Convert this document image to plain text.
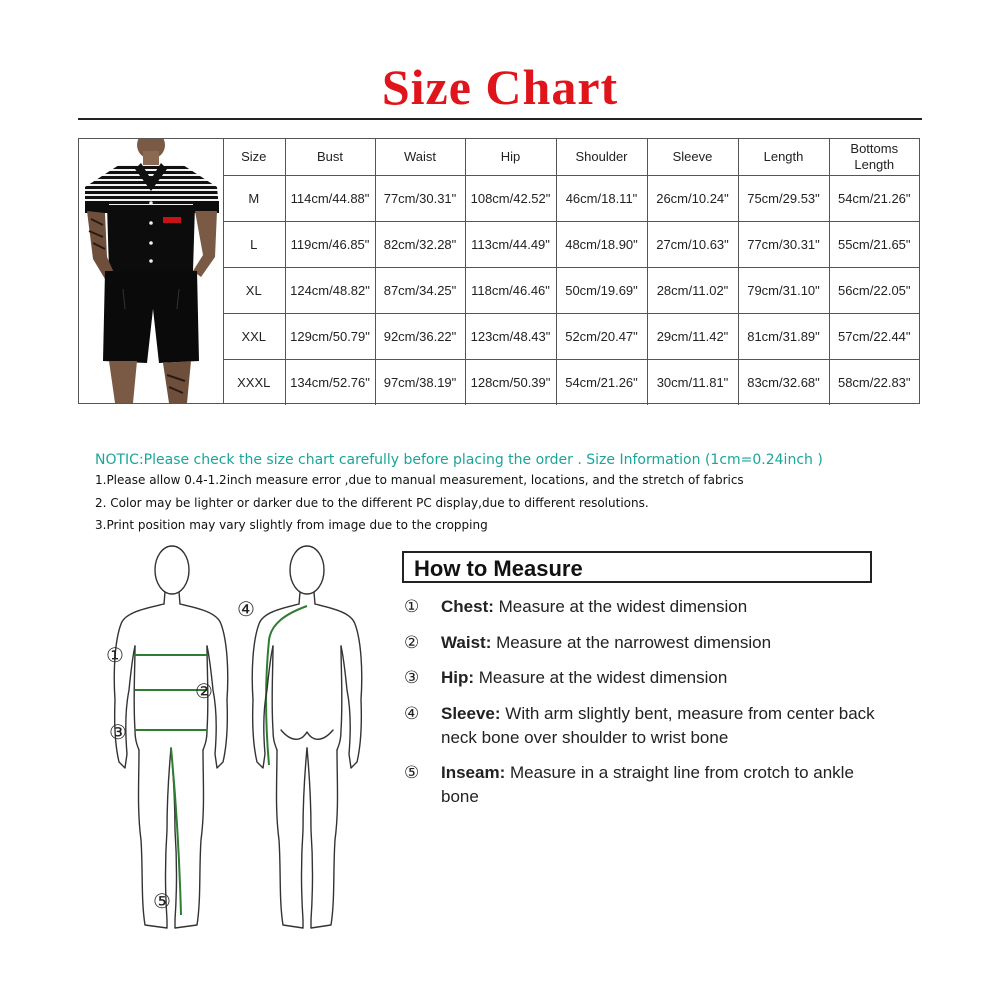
Size Chart
Size	Bust	Waist	Hip	Shoulder	Sleeve	Length	Bottoms Length
M	114cm/44.88"	77cm/30.31"	108cm/42.52"	46cm/18.11"	26cm/10.24"	75cm/29.53"	54cm/21.26"
L	119cm/46.85"	82cm/32.28"	113cm/44.49"	48cm/18.90"	27cm/10.63"	77cm/30.31"	55cm/21.65"
XL	124cm/48.82"	87cm/34.25"	118cm/46.46"	50cm/19.69"	28cm/11.02"	79cm/31.10"	56cm/22.05"
XXL	129cm/50.79"	92cm/36.22"	123cm/48.43"	52cm/20.47"	29cm/11.42"	81cm/31.89"	57cm/22.44"
XXXL	134cm/52.76"	97cm/38.19"	128cm/50.39"	54cm/21.26"	30cm/11.81"	83cm/32.68"	58cm/22.83"
NOTIC:Please check the size chart carefully before placing the order . Size Information (1cm=0.24inch )
1.Please allow 0.4-1.2inch measure error ,due to manual measurement, locations, and the stretch of fabrics
2. Color may be lighter or darker due to the different PC display,due to different resolutions.
3.Print position may vary slightly from image due to the cropping
①
②
③
④
⑤
How to Measure
①	Chest: Measure at the widest dimension
②	Waist: Measure at the narrowest dimension
③	Hip: Measure at the widest dimension
④	Sleeve: With arm slightly bent, measure from center back neck bone over shoulder to wrist bone
⑤	Inseam: Measure in a straight line from crotch to ankle bone
